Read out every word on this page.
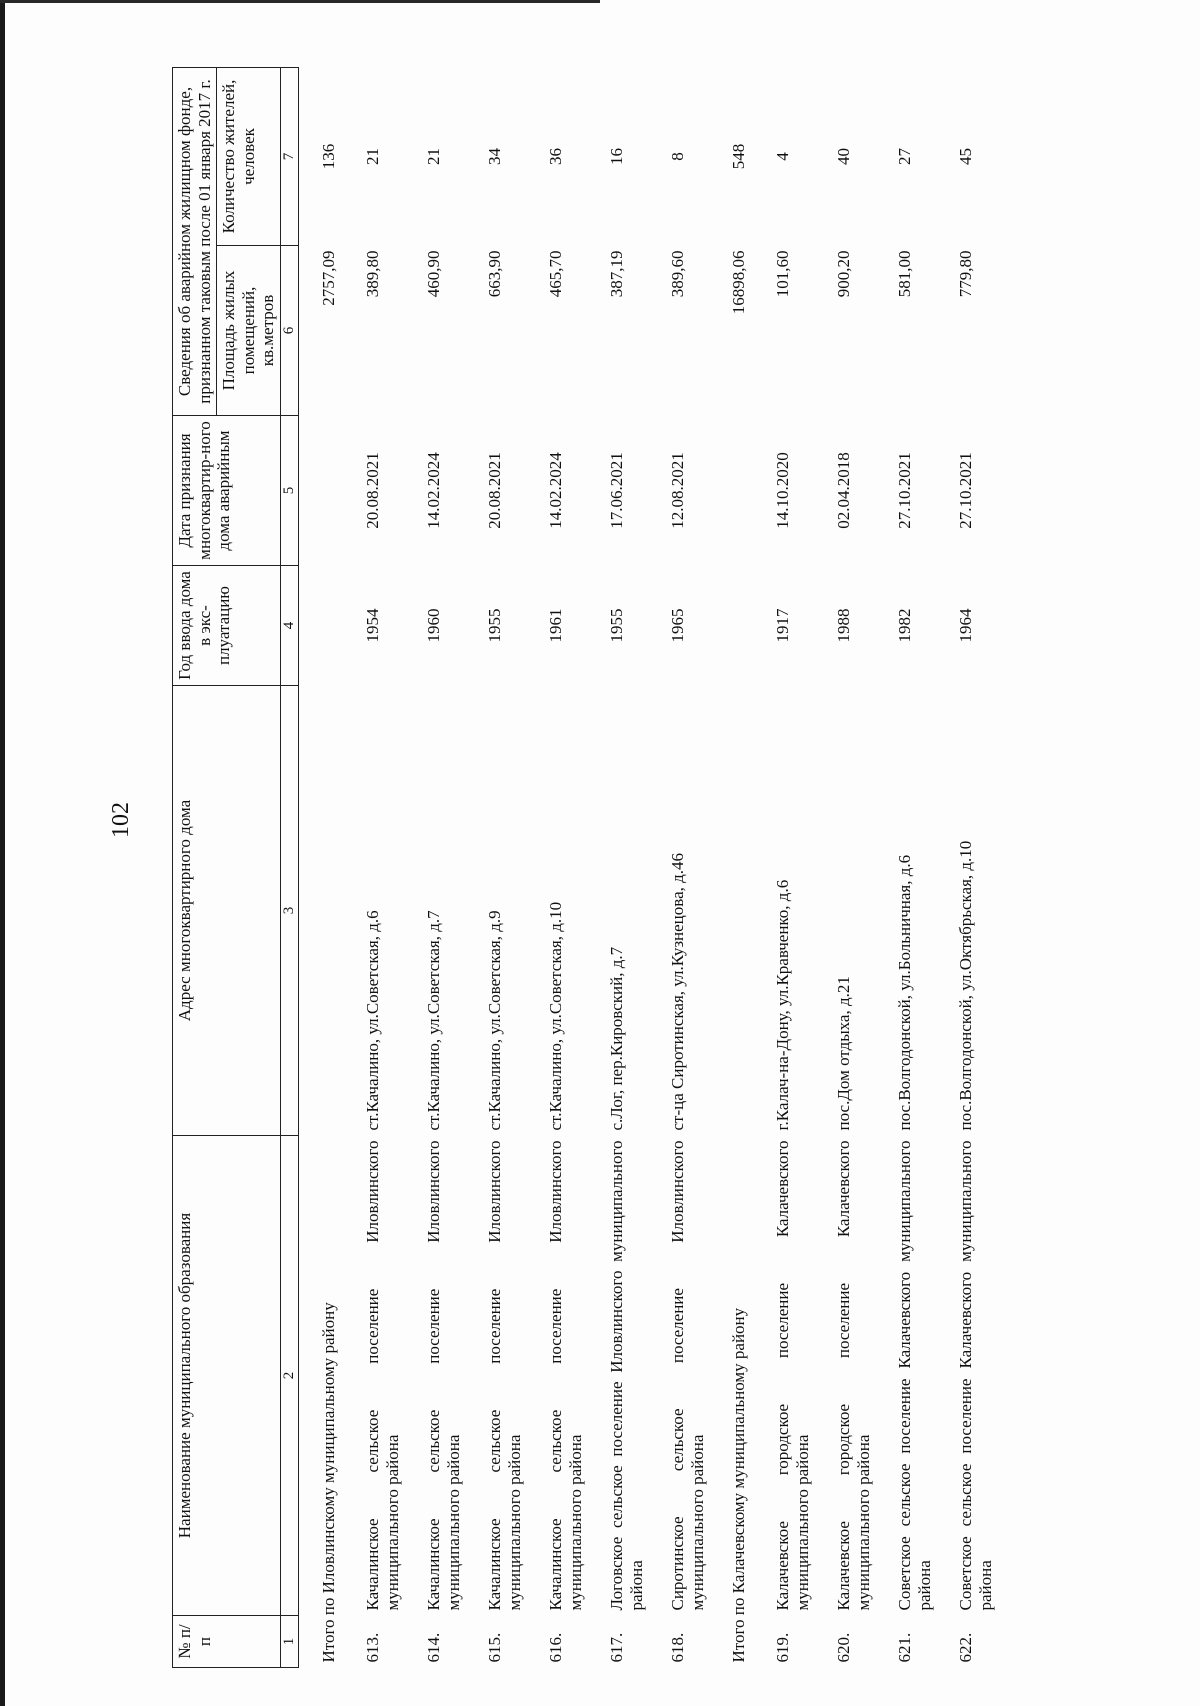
102
№ п/п	Наименование муниципального образования	Адрес многоквартирного дома	Год ввода дома в экс-плуатацию	Дата признания многоквартир-ного дома аварийным	Сведения об аварийном жилищном фонде, признанном таковым после 01 января 2017 г.	
					Площадь жилых помещений, кв.метров	Количество жителей, человек
1	2	3	4	5	6	7

Итого по Иловлинскому муниципальному району					2757,09	136
613.	Качалинское сельское поселение Иловлинского муниципального района	ст.Качалино, ул.Советская, д.6	1954	20.08.2021	389,80	21
614.	Качалинское сельское поселение Иловлинского муниципального района	ст.Качалино, ул.Советская, д.7	1960	14.02.2024	460,90	21
615.	Качалинское сельское поселение Иловлинского муниципального района	ст.Качалино, ул.Советская, д.9	1955	20.08.2021	663,90	34
616.	Качалинское сельское поселение Иловлинского муниципального района	ст.Качалино, ул.Советская, д.10	1961	14.02.2024	465,70	36
617.	Логовское сельское поселение Иловлинского муниципального района	с.Лог, пер.Кировский, д.7	1955	17.06.2021	387,19	16
618.	Сиротинское сельское поселение Иловлинского муниципального района	ст-ца Сиротинская, ул.Кузнецова, д.46	1965	12.08.2021	389,60	8
Итого по Калачевскому муниципальному району					16898,06	548
619.	Калачевское городское поселение Калачевского муниципального района	г.Калач-на-Дону, ул.Кравченко, д.6	1917	14.10.2020	101,60	4
620.	Калачевское городское поселение Калачевского муниципального района	пос.Дом отдыха, д.21	1988	02.04.2018	900,20	40
621.	Советское сельское поселение Калачевского муниципального района	пос.Волгодонской, ул.Больничная, д.6	1982	27.10.2021	581,00	27
622.	Советское сельское поселение Калачевского муниципального района	пос.Волгодонской, ул.Октябрьская, д.10	1964	27.10.2021	779,80	45
